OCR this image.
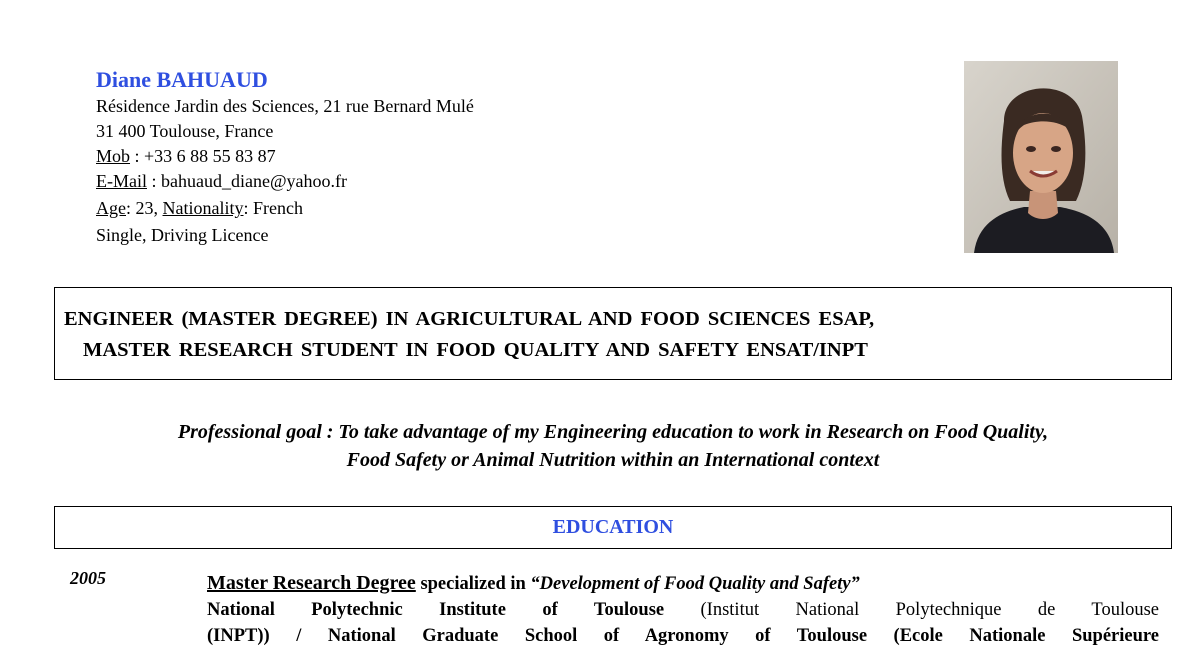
Diane BAHUAUD
Résidence Jardin des Sciences, 21 rue Bernard Mulé
31 400 Toulouse, France
Mob : +33 6 88 55 83 87
E-Mail : bahuaud_diane@yahoo.fr
Age: 23, Nationality: French
Single, Driving Licence
ENGINEER (MASTER DEGREE) IN AGRICULTURAL AND FOOD SCIENCES ESAP,
MASTER RESEARCH STUDENT IN FOOD QUALITY AND SAFETY ENSAT/INPT
Professional goal : To take advantage of my Engineering education to work in Research on Food Quality,
Food Safety or Animal Nutrition within an International context
EDUCATION
2005	Master Research Degree specialized in “Development of Food Quality and Safety”
National Polytechnic Institute of Toulouse (Institut National Polytechnique de Toulouse
(INPT)) / National Graduate School of Agronomy of Toulouse (Ecole Nationale Supérieure
